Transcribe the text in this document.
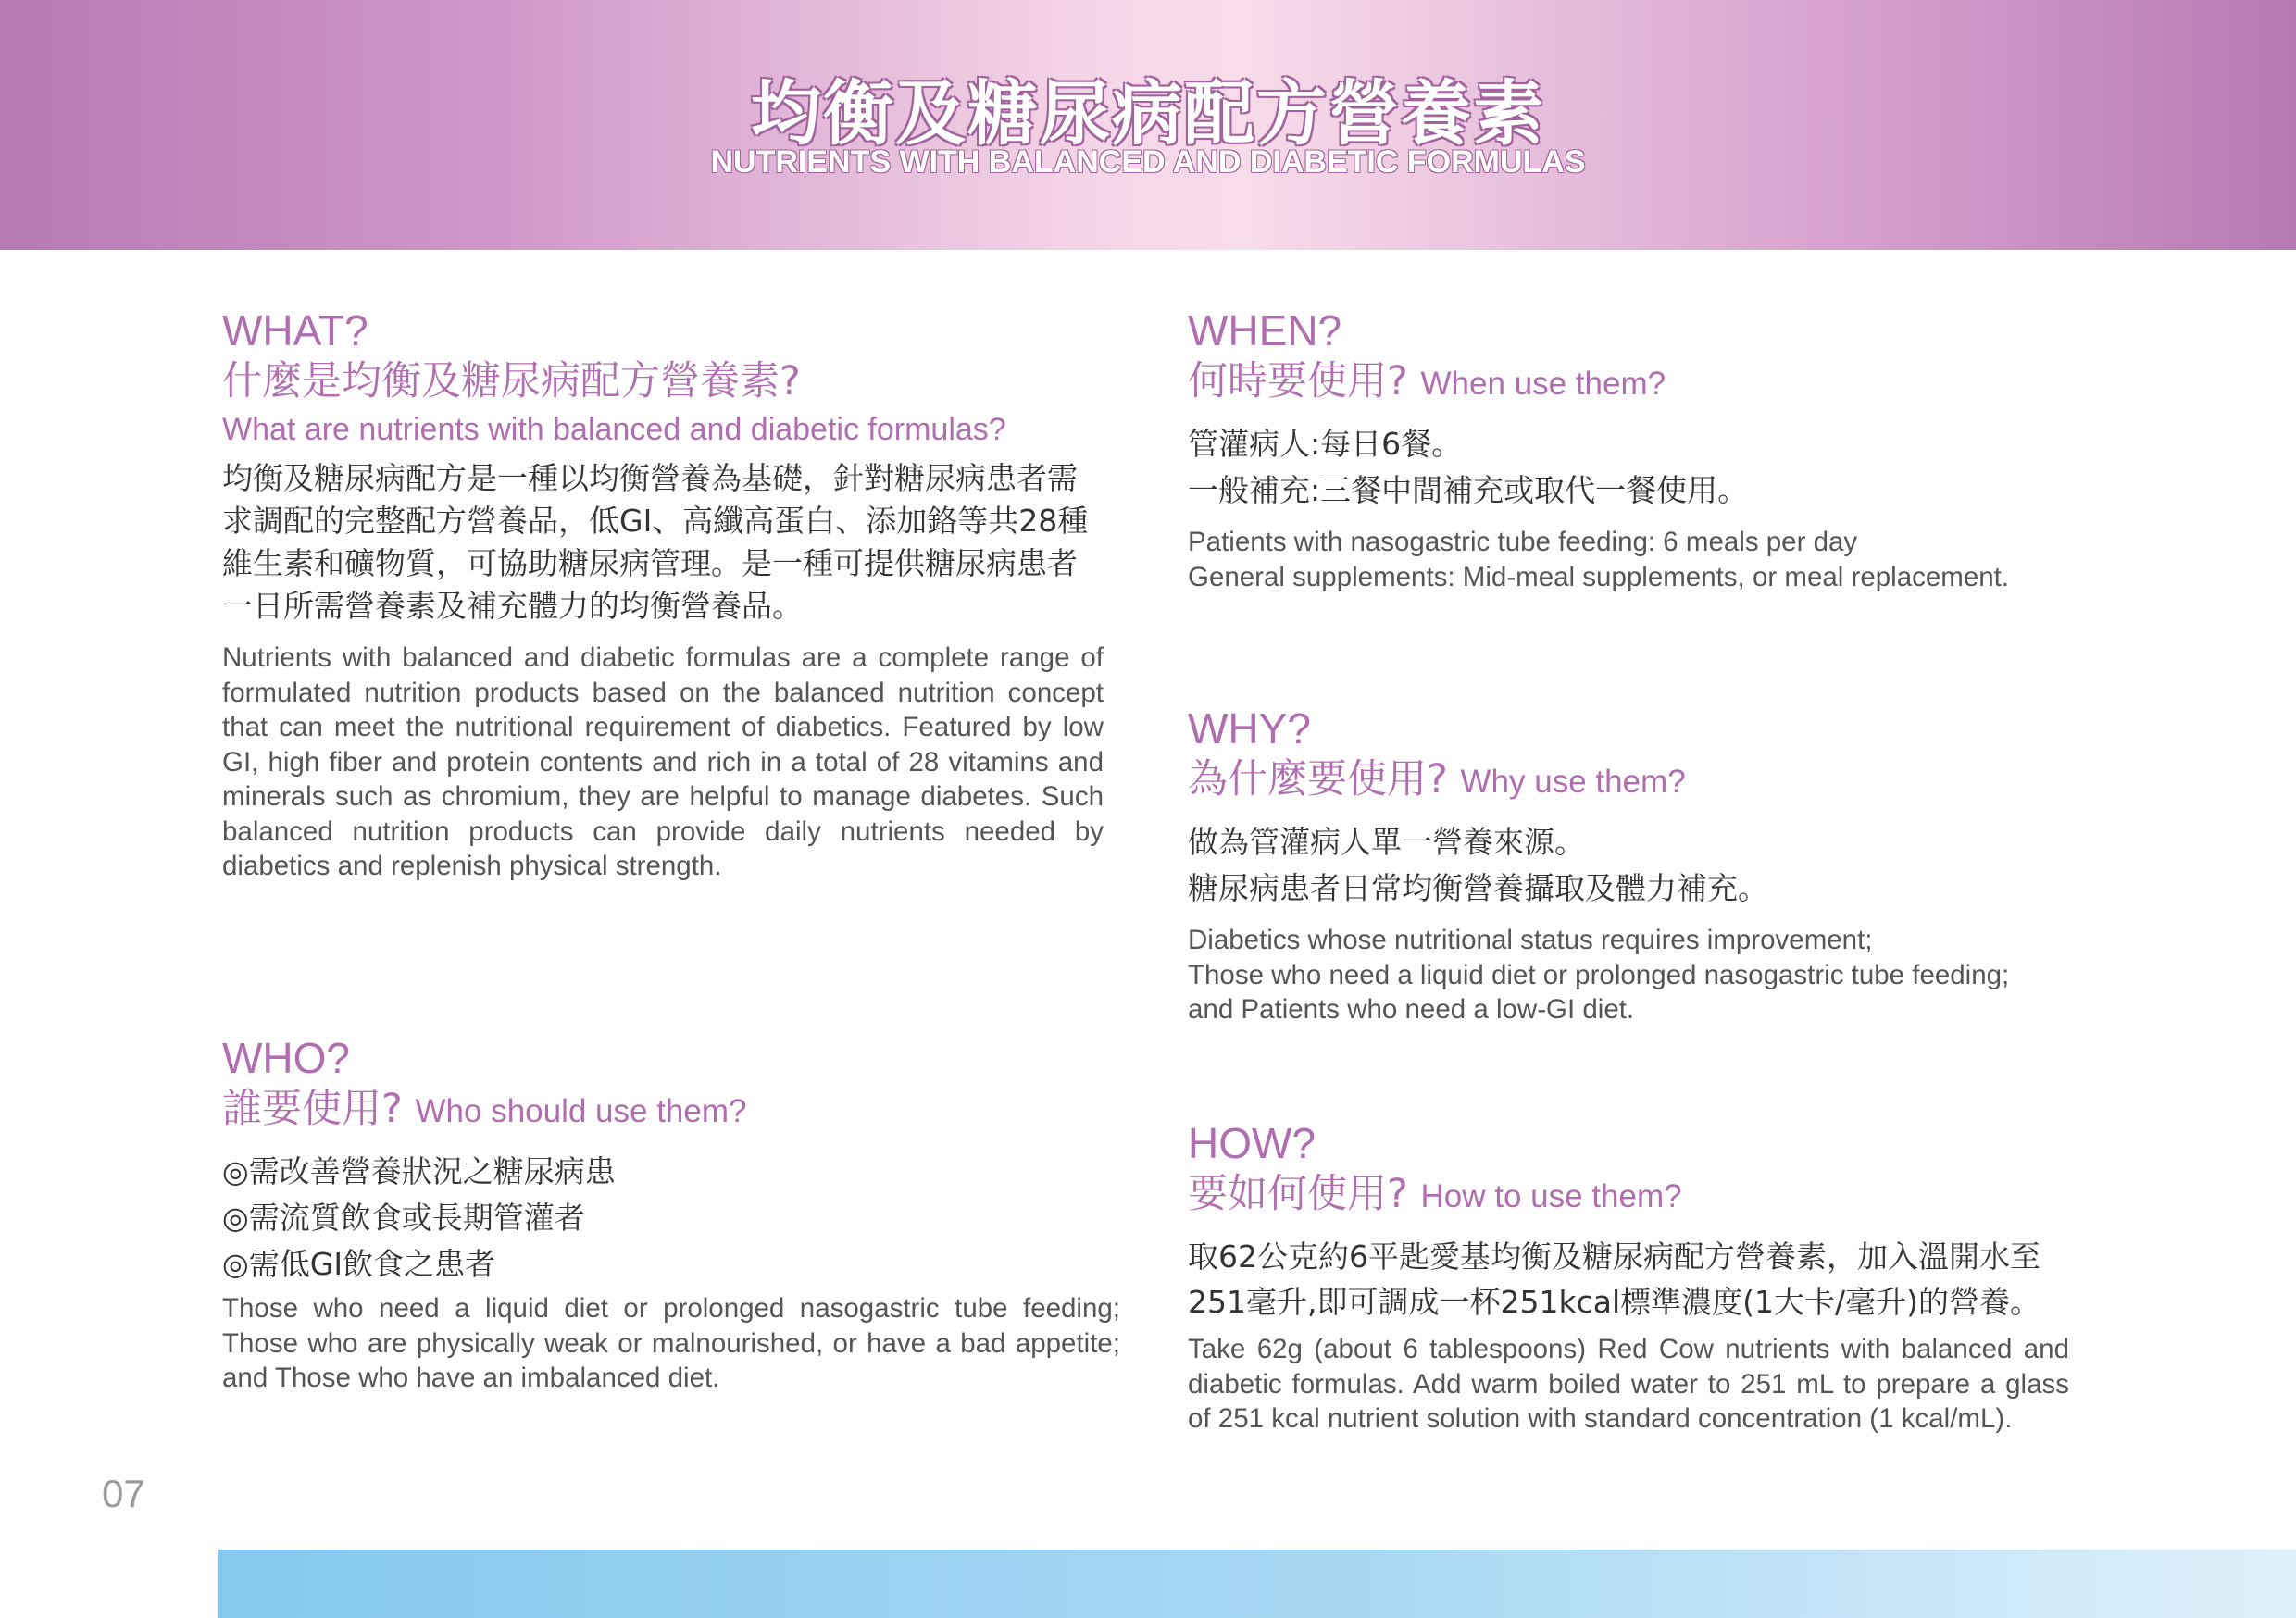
均衡及糖尿病配方營養素
NUTRIENTS WITH BALANCED AND DIABETIC FORMULAS

WHAT?

什麼是均衡及糖尿病配方營養素?

What are nutrients with balanced and diabetic formulas?

均衡及糖尿病配方是一種以均衡營養為基礎，針對糖尿病患者需求調配的完整配方營養品，低GI、高纖高蛋白、添加鉻等共28種維生素和礦物質，可協助糖尿病管理。是一種可提供糖尿病患者一日所需營養素及補充體力的均衡營養品。

Nutrients with balanced and diabetic formulas are a complete range of formulated nutrition products based on the balanced nutrition concept that can meet the nutritional requirement of diabetics. Featured by low GI, high fiber and protein contents and rich in a total of 28 vitamins and minerals such as chromium, they are helpful to manage diabetes. Such balanced nutrition products can provide daily nutrients needed by diabetics and replenish physical strength.

WHO?

誰要使用? Who should use them?

◎需改善營養狀況之糖尿病患
◎需流質飲食或長期管灌者
◎需低GI飲食之患者

Those who need a liquid diet or prolonged nasogastric tube feeding; Those who are physically weak or malnourished, or have a bad appetite; and Those who have an imbalanced diet.

WHEN?

何時要使用? When use them?

管灌病人:每日6餐。
一般補充:三餐中間補充或取代一餐使用。
Patients with nasogastric tube feeding: 6 meals per day
General supplements: Mid-meal supplements, or meal replacement.

WHY?

為什麼要使用? Why use them?

做為管灌病人單一營養來源。
糖尿病患者日常均衡營養攝取及體力補充。
Diabetics whose nutritional status requires improvement;
Those who need a liquid diet or prolonged nasogastric tube feeding;
and Patients who need a low-GI diet.

HOW?

要如何使用? How to use them?

取62公克約6平匙愛基均衡及糖尿病配方營養素，加入溫開水至251毫升,即可調成一杯251kcal標準濃度(1大卡/毫升)的營養。

Take 62g (about 6 tablespoons) Red Cow nutrients with balanced and diabetic formulas. Add warm boiled water to 251 mL to prepare a glass of 251 kcal nutrient solution with standard concentration (1 kcal/mL).

07
